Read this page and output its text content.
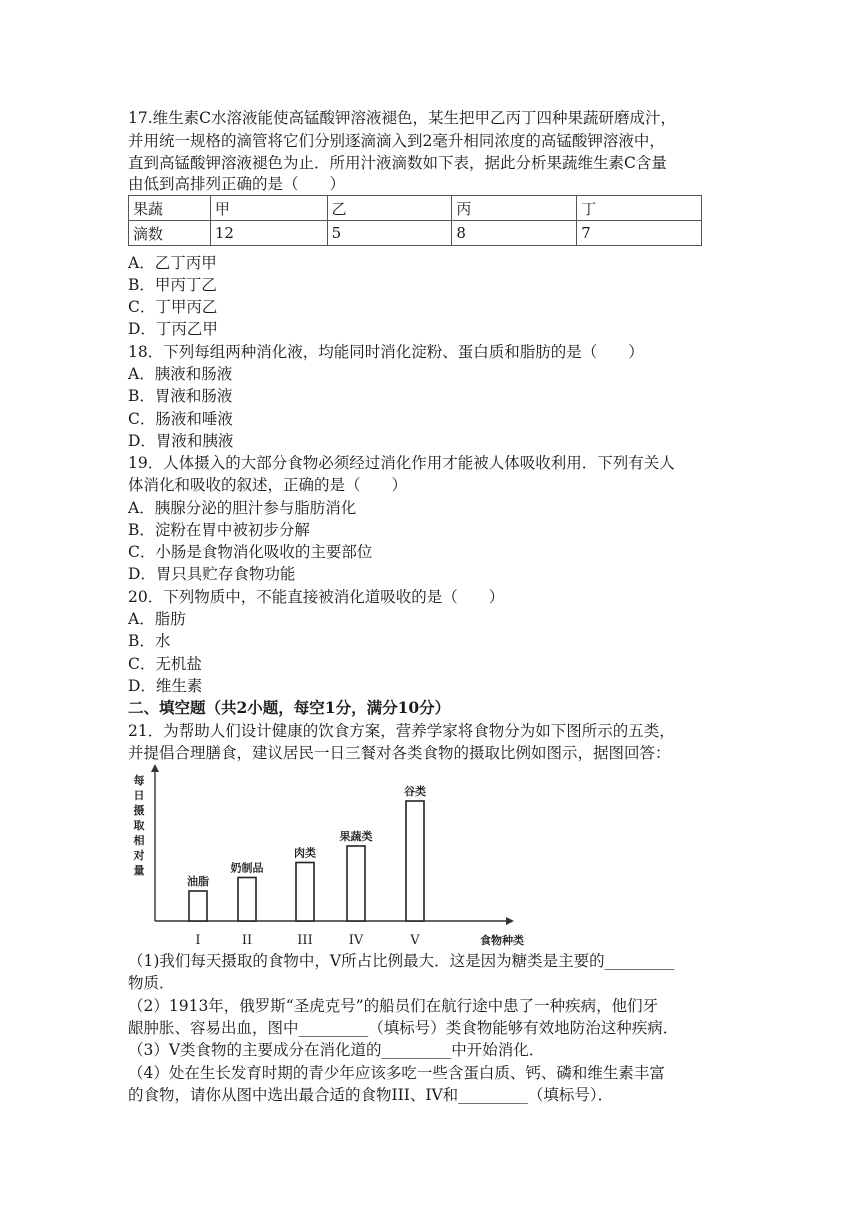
17.维生素C水溶液能使高锰酸钾溶液褪色，某生把甲乙丙丁四种果蔬研磨成汁，
并用统一规格的滴管将它们分别逐滴滴入到2毫升相同浓度的高锰酸钾溶液中，
直到高锰酸钾溶液褪色为止．所用汁液滴数如下表，据此分析果蔬维生素C含量
由低到高排列正确的是（　　）
果蔬	甲	乙	丙	丁
滴数	12	5	8	7
A．乙丁丙甲
B．甲丙丁乙
C．丁甲丙乙
D．丁丙乙甲
18．下列每组两种消化液，均能同时消化淀粉、蛋白质和脂肪的是（　　）
A．胰液和肠液
B．胃液和肠液
C．肠液和唾液
D．胃液和胰液
19．人体摄入的大部分食物必须经过消化作用才能被人体吸收利用．下列有关人
体消化和吸收的叙述，正确的是（　　）
A．胰腺分泌的胆汁参与脂肪消化
B．淀粉在胃中被初步分解
C．小肠是食物消化吸收的主要部位
D．胃只具贮存食物功能
20．下列物质中，不能直接被消化道吸收的是（　　）
A．脂肪
B．水
C．无机盐
D．维生素
二、填空题（共2小题，每空1分，满分10分）
21．为帮助人们设计健康的饮食方案，营养学家将食物分为如下图所示的五类，
并提倡合理膳食，建议居民一日三餐对各类食物的摄取比例如图示，据图回答：
每日摄取相对量
油脂
I
奶制品
II
肉类
III
果蔬类
IV
谷类
V	食物种类
（1)我们每天摄取的食物中，V所占比例最大．这是因为糖类是主要的_________
物质．
（2）1913年，俄罗斯“圣虎克号”的船员们在航行途中患了一种疾病，他们牙
龈肿胀、容易出血，图中_________（填标号）类食物能够有效地防治这种疾病．
（3）V类食物的主要成分在消化道的_________中开始消化．
（4）处在生长发育时期的青少年应该多吃一些含蛋白质、钙、磷和维生素丰富
的食物，请你从图中选出最合适的食物III、IV和_________（填标号）．
